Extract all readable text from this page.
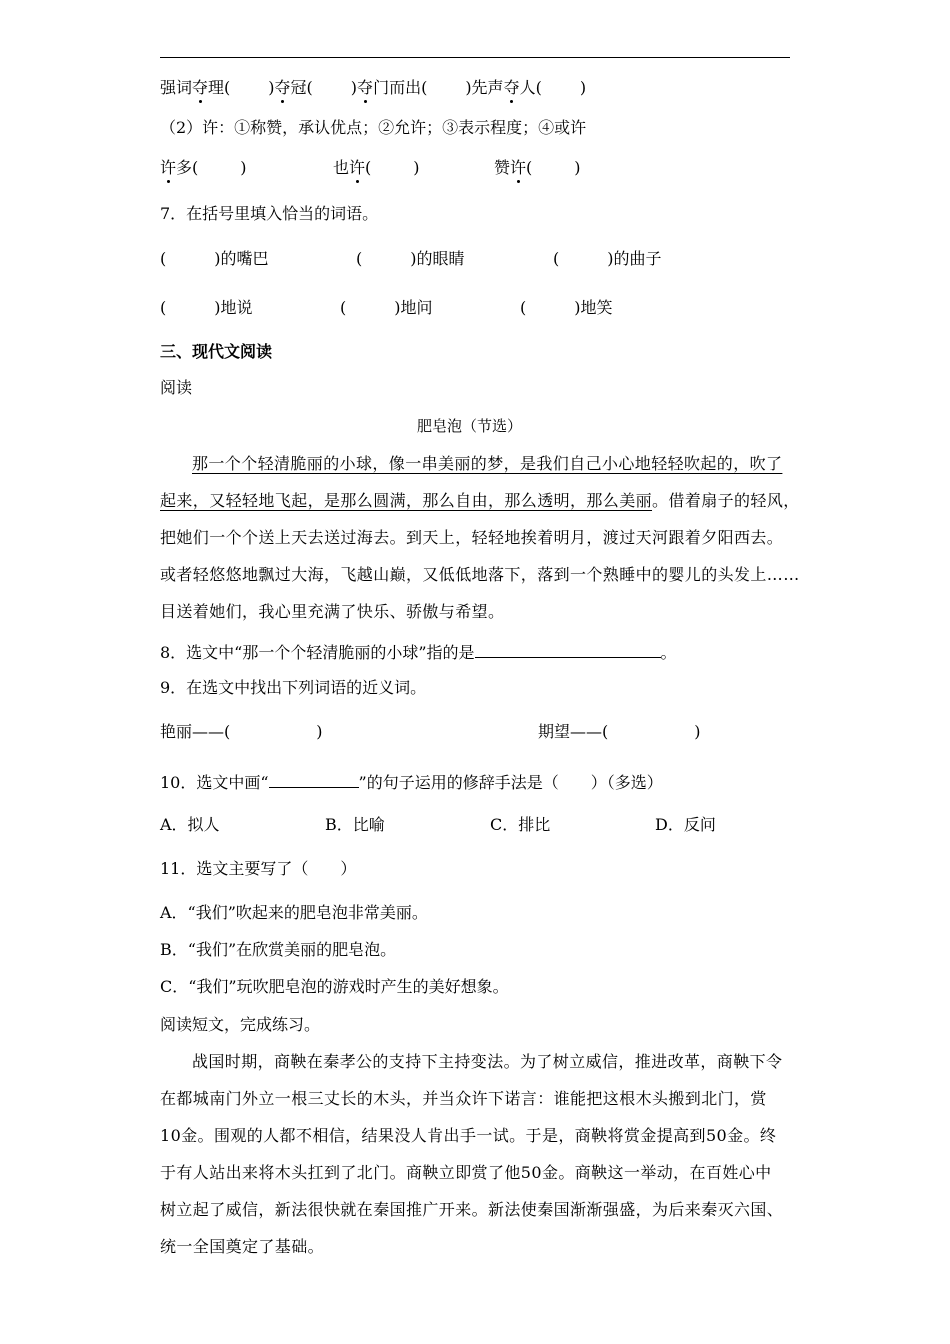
强词夺理( )夺冠( )夺门而出( )先声夺人( )
（2）许：①称赞，承认优点；②允许；③表示程度；④或许
许多(	)	也许(	)	赞许(	)
7．在括号里填入恰当的词语。
(　　　)的嘴巴	(　　　)的眼睛	(　　　)的曲子
(　　　)地说	(　　　)地问	(　　　)地笑
三、现代文阅读
阅读
肥皂泡（节选）
那一个个轻清脆丽的小球，像一串美丽的梦，是我们自己小心地轻轻吹起的，吹了
起来，又轻轻地飞起，是那么圆满，那么自由，那么透明，那么美丽。借着扇子的轻风，
把她们一个个送上天去送过海去。到天上，轻轻地挨着明月，渡过天河跟着夕阳西去。
或者轻悠悠地飘过大海，飞越山巅，又低低地落下，落到一个熟睡中的婴儿的头发上……
目送着她们，我心里充满了快乐、骄傲与希望。
8．选文中“那一个个轻清脆丽的小球”指的是	。
9．在选文中找出下列词语的近义词。
艳丽——(	)	期望——(	)
10．选文中画“	”的句子运用的修辞手法是（　　）（多选）
A．拟人	B．比喻	C．排比	D．反问
11．选文主要写了（　　）
A．“我们”吹起来的肥皂泡非常美丽。
B．“我们”在欣赏美丽的肥皂泡。
C．“我们”玩吹肥皂泡的游戏时产生的美好想象。
阅读短文，完成练习。
战国时期，商鞅在秦孝公的支持下主持变法。为了树立威信，推进改革，商鞅下令
在都城南门外立一根三丈长的木头，并当众许下诺言：谁能把这根木头搬到北门，赏
10金。围观的人都不相信，结果没人肯出手一试。于是，商鞅将赏金提高到50金。终
于有人站出来将木头扛到了北门。商鞅立即赏了他50金。商鞅这一举动，在百姓心中
树立起了威信，新法很快就在秦国推广开来。新法使秦国渐渐强盛，为后来秦灭六国、
统一全国奠定了基础。
